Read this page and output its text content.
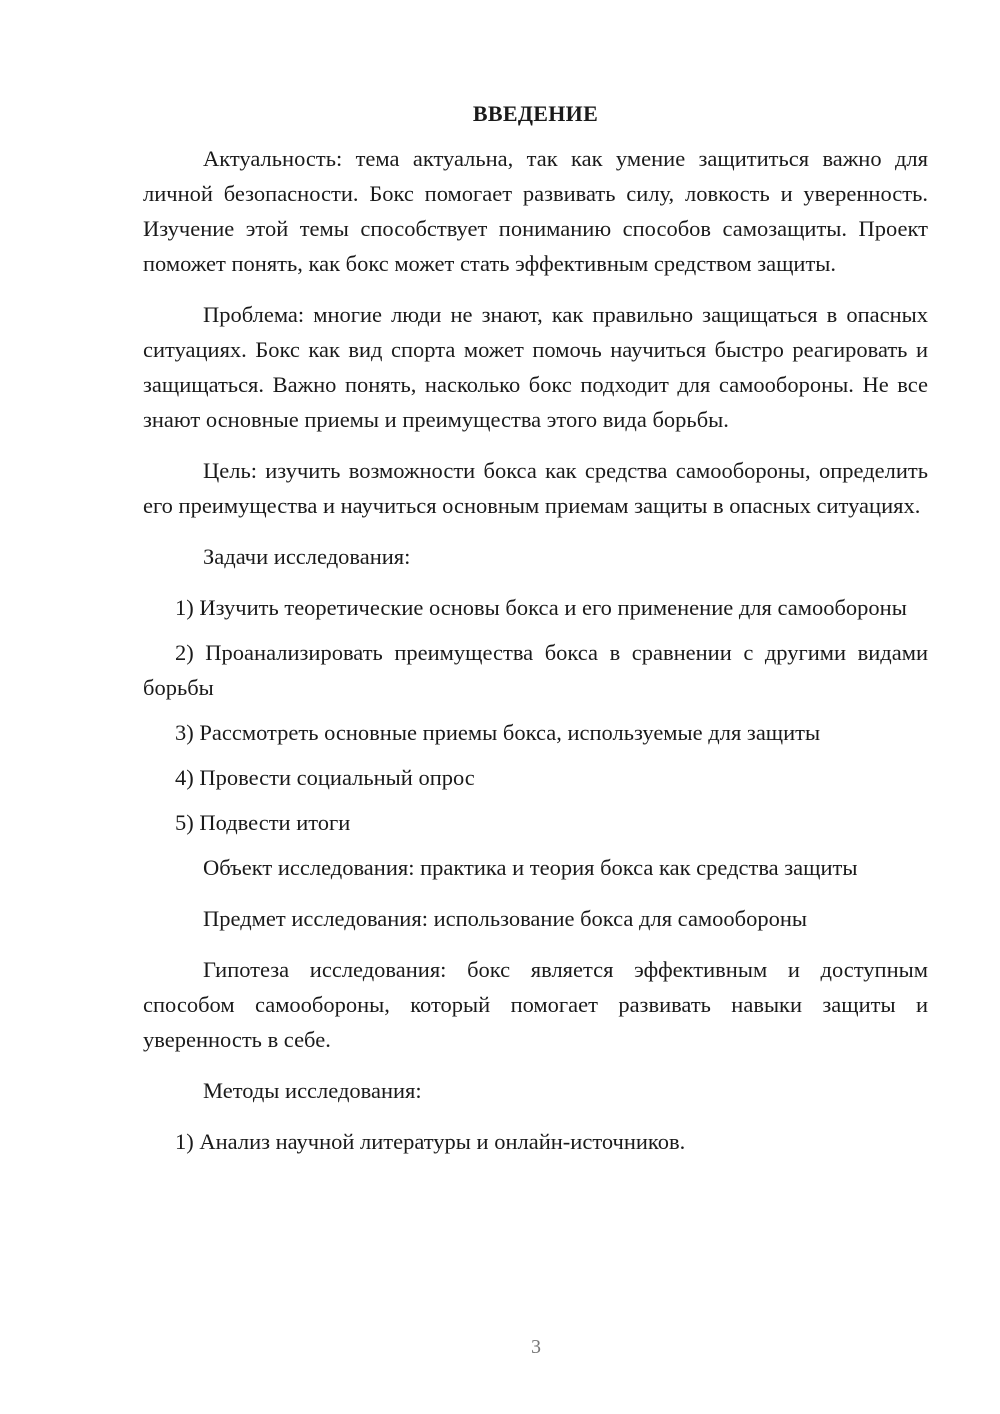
ВВЕДЕНИЕ

Актуальность: тема актуальна, так как умение защититься важно для личной безопасности. Бокс помогает развивать силу, ловкость и уверенность. Изучение этой темы способствует пониманию способов самозащиты. Проект поможет понять, как бокс может стать эффективным средством защиты.

Проблема: многие люди не знают, как правильно защищаться в опасных ситуациях. Бокс как вид спорта может помочь научиться быстро реагировать и защищаться. Важно понять, насколько бокс подходит для самообороны. Не все знают основные приемы и преимущества этого вида борьбы.

Цель: изучить возможности бокса как средства самообороны, определить его преимущества и научиться основным приемам защиты в опасных ситуациях.

Задачи исследования:

1) Изучить теоретические основы бокса и его применение для самообороны

2) Проанализировать преимущества бокса в сравнении с другими видами борьбы

3) Рассмотреть основные приемы бокса, используемые для защиты

4) Провести социальный опрос

5) Подвести итоги

Объект исследования: практика и теория бокса как средства защиты

Предмет исследования: использование бокса для самообороны

Гипотеза исследования: бокс является эффективным и доступным способом самообороны, который помогает развивать навыки защиты и уверенность в себе.

Методы исследования:

1) Анализ научной литературы и онлайн-источников.

3
